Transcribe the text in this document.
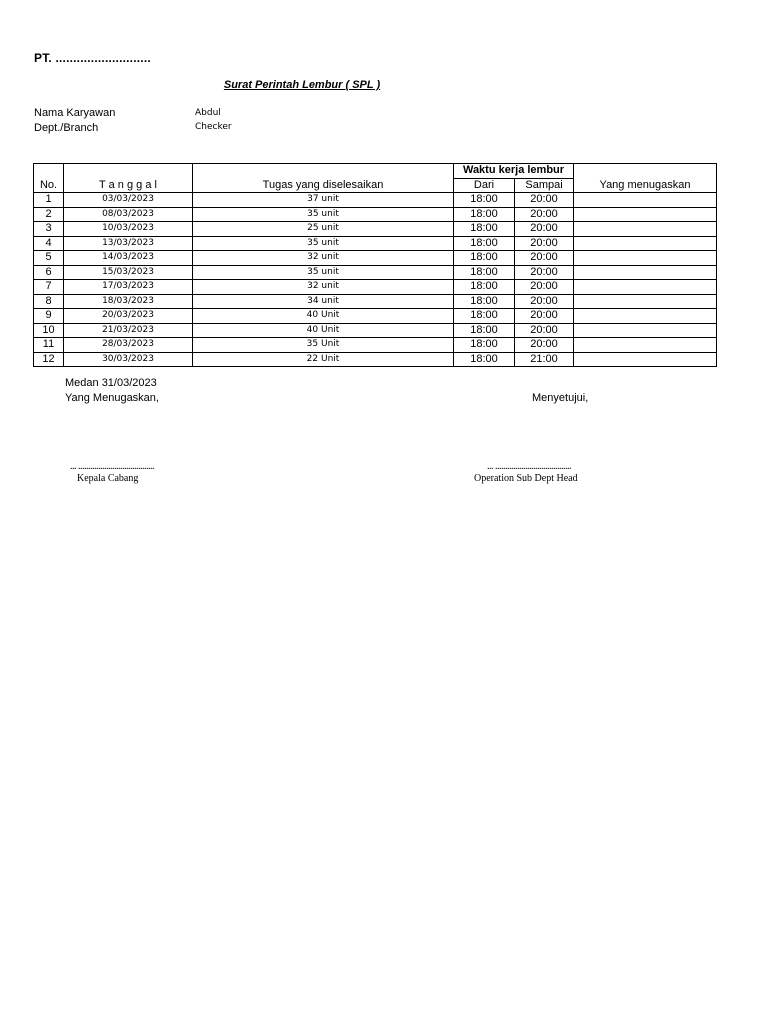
PT. ...........................
Surat Perintah Lembur ( SPL )
Nama Karyawan	Abdul
Dept./Branch	Checker
			Waktu kerja lembur		
No.	T a n g g a l	Tugas yang diselesaikan	Dari	Sampai	Yang menugaskan
1	03/03/2023	37 unit	18:00	20:00	
2	08/03/2023	35 unit	18:00	20:00	
3	10/03/2023	25 unit	18:00	20:00	
4	13/03/2023	35 unit	18:00	20:00	
5	14/03/2023	32 unit	18:00	20:00	
6	15/03/2023	35 unit	18:00	20:00	
7	17/03/2023	32 unit	18:00	20:00	
8	18/03/2023	34 unit	18:00	20:00	
9	20/03/2023	40 Unit	18:00	20:00	
10	21/03/2023	40 Unit	18:00	20:00	
11	28/03/2023	35 Unit	18:00	20:00	
12	30/03/2023	22 Unit	18:00	21:00	
Medan 31/03/2023
Yang Menugaskan,	Menyetujui,
... ......................................
Kepala Cabang
... ......................................
Operation Sub Dept Head
